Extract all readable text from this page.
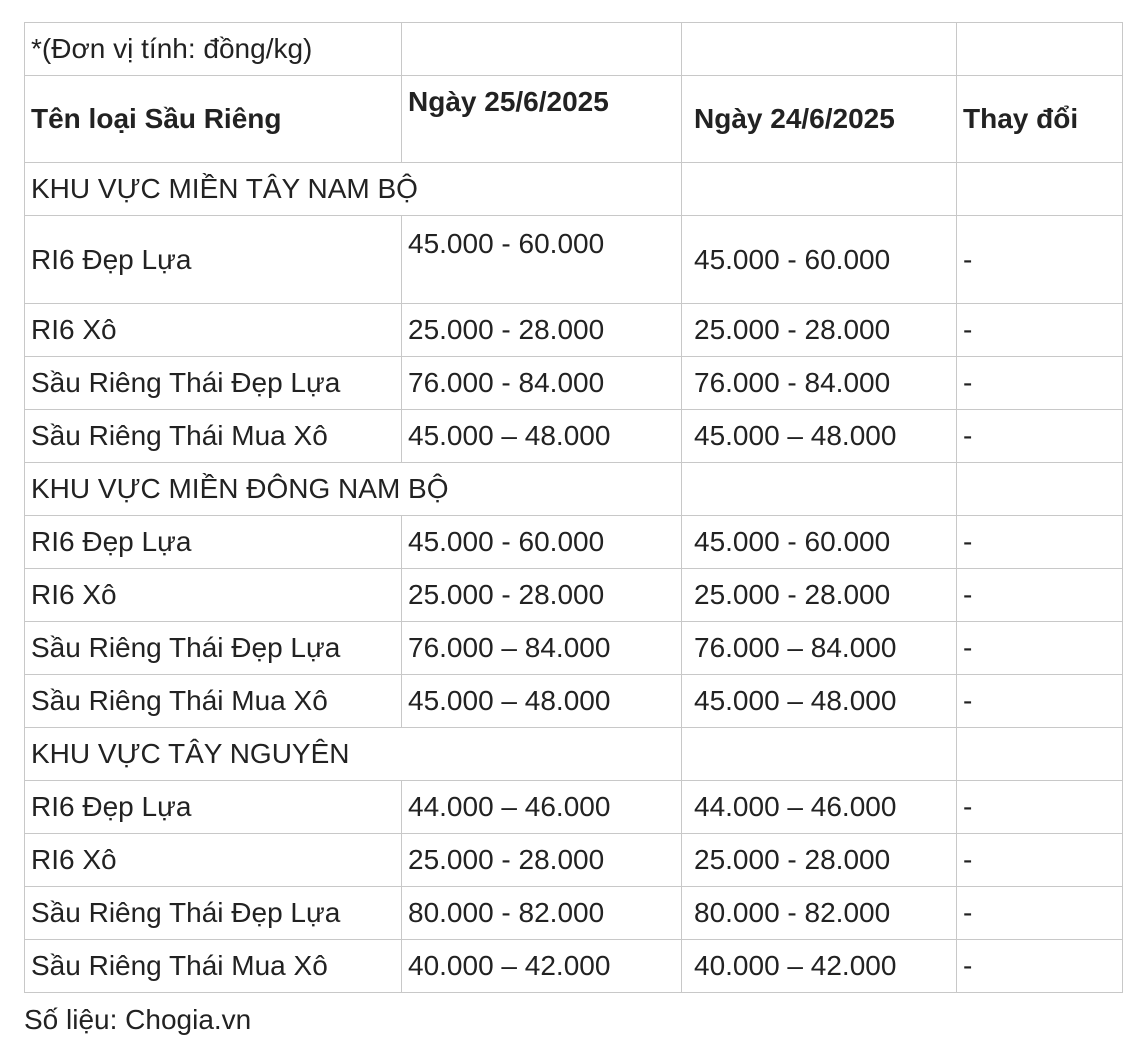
*(Đơn vị tính: đồng/kg)			
Tên loại Sầu Riêng	Ngày 25/6/2025	Ngày 24/6/2025	Thay đổi
KHU VỰC MIỀN TÂY NAM BỘ			
RI6 Đẹp Lựa	45.000 - 60.000	45.000 - 60.000	-
RI6 Xô	25.000 - 28.000	25.000 - 28.000	-
Sầu Riêng Thái Đẹp Lựa	76.000 - 84.000	76.000 - 84.000	-
Sầu Riêng Thái Mua Xô	45.000 – 48.000	45.000 – 48.000	-
KHU VỰC MIỀN ĐÔNG NAM BỘ			
RI6 Đẹp Lựa	45.000 - 60.000	45.000 - 60.000	-
RI6 Xô	25.000 - 28.000	25.000 - 28.000	-
Sầu Riêng Thái Đẹp Lựa	76.000 – 84.000	76.000 – 84.000	-
Sầu Riêng Thái Mua Xô	45.000 – 48.000	45.000 – 48.000	-
KHU VỰC TÂY NGUYÊN			
RI6 Đẹp Lựa	44.000 – 46.000	44.000 – 46.000	-
RI6 Xô	25.000 - 28.000	25.000 - 28.000	-
Sầu Riêng Thái Đẹp Lựa	80.000 - 82.000	80.000 - 82.000	-
Sầu Riêng Thái Mua Xô	40.000 – 42.000	40.000 – 42.000	-
Số liệu: Chogia.vn
